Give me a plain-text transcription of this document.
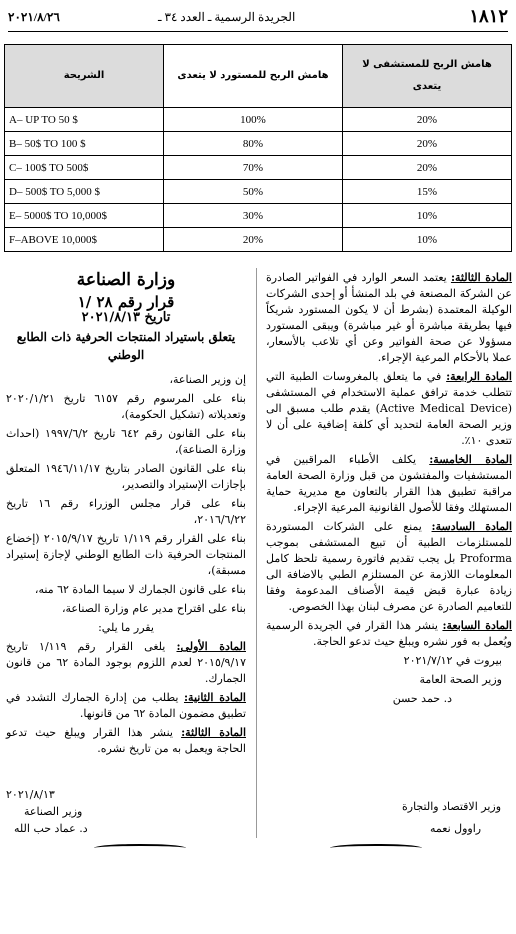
٢٠٢١/٨/٢٦	الجريدة الرسمية ـ العدد ٣٤ ـ	١٨١٢
هامش الربح للمستشفى لا يتعدى	هامش الربح للمستورد لا يتعدى	الشريحة
20%	100%	A– UP TO 50 $
20%	80%	B– 50$ TO 100 $
20%	70%	C– 100$ TO 500$
15%	50%	D– 500$ TO 5,000 $
10%	30%	E– 5000$ TO 10,000$
10%	20%	F–ABOVE 10,000$

المادة الثالثة: يعتمد السعر الوارد في الفواتير الصادرة عن الشركة المصنعة في بلد المنشأ أو إحدى الشركات الوكيلة المعتمدة (بشرط أن لا يكون المستورد شريكاً فيها بطريقة مباشرة أو غير مباشرة) ويبقى المستورد مسؤولا عن صحة الفواتير وعن أي تلاعب بالأسعار، عملا بالأحكام المرعية الإجراء.

المادة الرابعة: في ما يتعلق بالمغروسات الطبية التي تتطلب خدمة ترافق عملية الاستخدام في المستشفى (Active Medical Device) يقدم طلب مسبق الى وزير الصحة العامة لتحديد أي كلفة إضافية على أن لا تتعدى ١٠٪.

المادة الخامسة: يكلف الأطباء المراقبين في المستشفيات والمفتشون من قبل وزارة الصحة العامة مراقبة تطبيق هذا القرار بالتعاون مع مديرية حماية المستهلك وفقا للأصول القانونية المرعية الإجراء.

المادة السادسة: يمنع على الشركات المستوردة للمستلزمات الطبية أن تبيع المستشفى بموجب Proforma بل يجب تقديم فاتورة رسمية تلحظ كامل المعلومات اللازمة عن المستلزم الطبي بالاضافة الى زيادة عبارة قبض قيمة الأصناف المدعومة وفقا للتعاميم الصادرة عن مصرف لبنان بهذا الخصوص.

المادة السابعة: ينشر هذا القرار في الجريدة الرسمية ويُعمل به فور نشره ويبلغ حيث تدعو الحاجة.

بيروت في ٢٠٢١/٧/١٢

وزير الصحة العامة

د. حمد حسن

وزير الاقتصاد والتجارة
راوول نعمه
وزارة الصناعة
قرار رقم ٢٨ /١
تاريخ ٢٠٢١/٨/١٣
يتعلق باستيراد المنتجات الحرفية ذات الطابع الوطني

إن وزير الصناعة،

بناء على المرسوم رقم ٦١٥٧ تاريخ ٢٠٢٠/١/٢١ وتعديلاته (تشكيل الحكومة)،

بناء على القانون رقم ٦٤٢ تاريخ ١٩٩٧/٦/٢ (احداث وزارة الصناعة)،

بناء على القانون الصادر بتاريخ ١٩٤٦/١١/١٧ المتعلق بإجازات الإستيراد والتصدير،

بناء على قرار مجلس الوزراء رقم ١٦ تاريخ ٢٠١٦/٦/٢٢،

بناء على القرار رقم ١/١١٩ تاريخ ٢٠١٥/٩/١٧ (إخضاع المنتجات الحرفية ذات الطابع الوطني لإجازة إستيراد مسبقة)،

بناء على قانون الجمارك لا سيما المادة ٦٢ منه،

بناء على اقتراح مدير عام وزارة الصناعة،

يقرر ما يلي:

المادة الأولى: يلغى القرار رقم ١/١١٩ تاريخ ٢٠١٥/٩/١٧ لعدم اللزوم بوجود المادة ٦٢ من قانون الجمارك.

المادة الثانية: يطلب من إدارة الجمارك التشدد في تطبيق مضمون المادة ٦٢ من قانونها.

المادة الثالثة: ينشر هذا القرار ويبلغ حيث تدعو الحاجة ويعمل به من تاريخ نشره.

٢٠٢١/٨/١٣
وزير الصناعة
د. عماد حب الله
